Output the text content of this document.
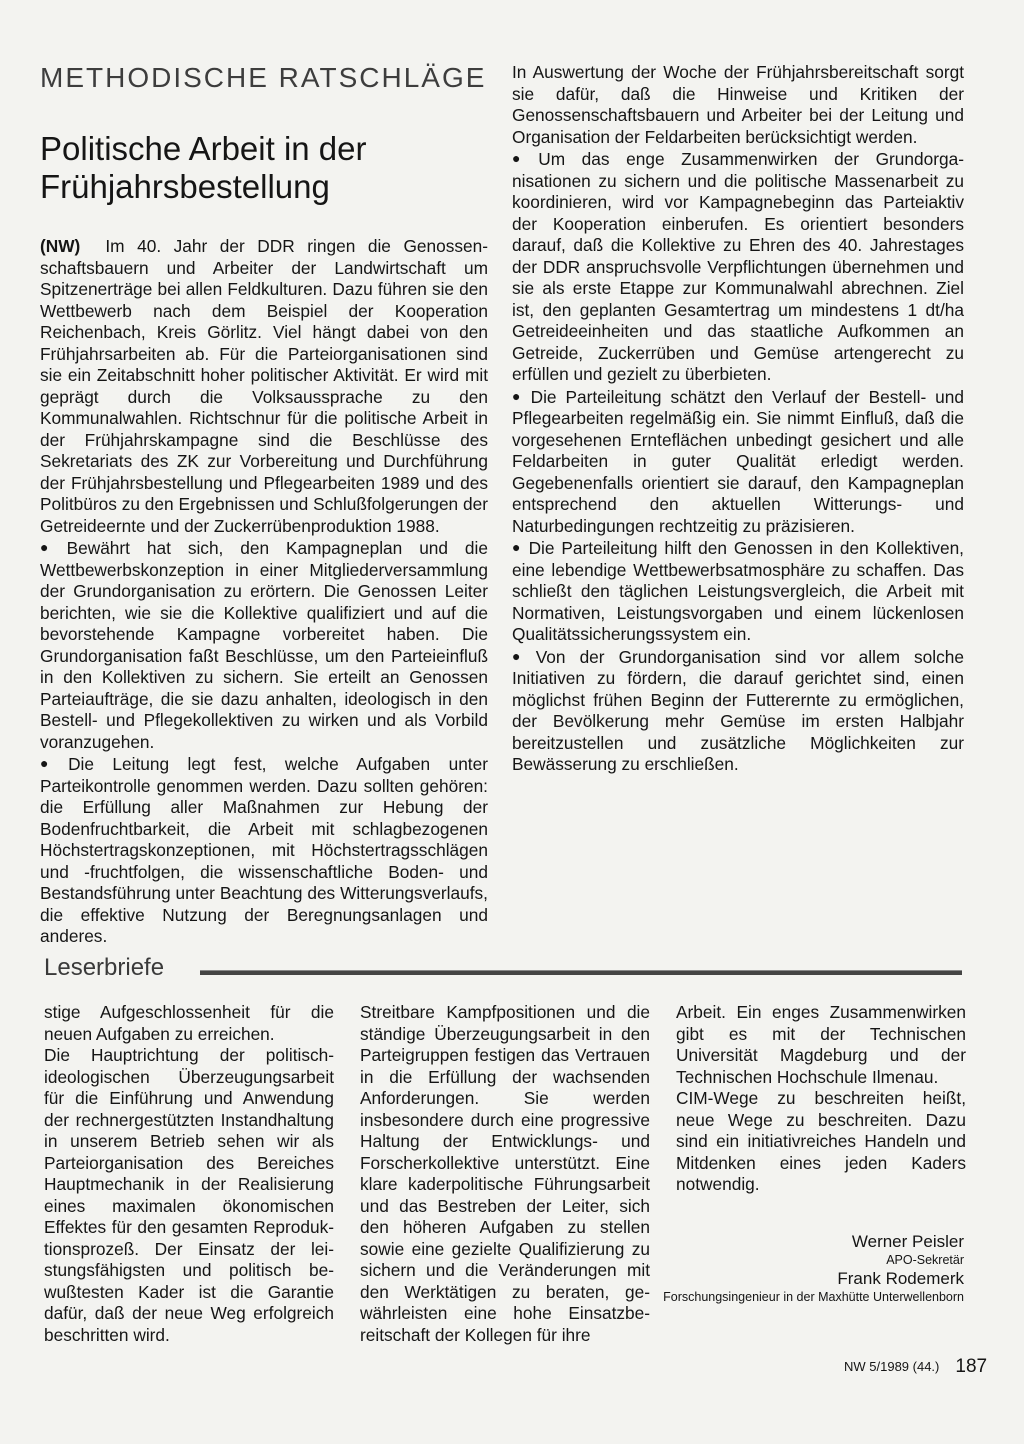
METHODISCHE RATSCHLÄGE
Politische Arbeit in der Frühjahrsbestellung

(NW) Im 40. Jahr der DDR ringen die Genossenschaftsbauern und Arbeiter der Landwirtschaft um Spitzenerträge bei allen Feldkulturen. Dazu führen sie den Wettbewerb nach dem Beispiel der Kooperation Reichenbach, Kreis Görlitz. Viel hängt dabei von den Frühjahrsarbeiten ab. Für die Parteiorganisationen sind sie ein Zeitabschnitt hoher politischer Aktivität. Er wird mit geprägt durch die Volksaussprache zu den Kommunalwahlen. Richtschnur für die politische Arbeit in der Frühjahrskampagne sind die Beschlüsse des Sekretariats des ZK zur Vorbereitung und Durchführung der Frühjahrsbestellung und Pflegearbeiten 1989 und des Politbüros zu den Ergebnissen und Schlußfolgerungen der Getreideernte und der Zuckerrübenproduktion 1988.

● Bewährt hat sich, den Kampagneplan und die Wettbewerbskonzeption in einer Mitgliederversammlung der Grundorganisation zu erörtern. Die Genossen Leiter berichten, wie sie die Kollektive qualifiziert und auf die bevorstehende Kampagne vorbereitet haben. Die Grundorganisation faßt Beschlüsse, um den Parteieinfluß in den Kollektiven zu sichern. Sie erteilt an Genossen Parteiaufträge, die sie dazu anhalten, ideologisch in den Bestell- und Pflegekollektiven zu wirken und als Vorbild voranzugehen.

● Die Leitung legt fest, welche Aufgaben unter Parteikontrolle genommen werden. Dazu sollten gehören: die Erfüllung aller Maßnahmen zur Hebung der Bodenfruchtbarkeit, die Arbeit mit schlagbezogenen Höchstertragskonzeptionen, mit Höchstertragsschlägen und -fruchtfolgen, die wissenschaftliche Boden- und Bestandsführung unter Beachtung des Witterungsverlaufs, die effektive Nutzung der Beregnungsanlagen und anderes.

In Auswertung der Woche der Frühjahrsbereitschaft sorgt sie dafür, daß die Hinweise und Kritiken der Genossenschaftsbauern und Arbeiter bei der Leitung und Organisation der Feldarbeiten berücksichtigt werden.

● Um das enge Zusammenwirken der Grundorganisationen zu sichern und die politische Massenarbeit zu koordinieren, wird vor Kampagnebeginn das Parteiaktiv der Kooperation einberufen. Es orientiert besonders darauf, daß die Kollektive zu Ehren des 40. Jahrestages der DDR anspruchsvolle Verpflichtungen übernehmen und sie als erste Etappe zur Kommunalwahl abrechnen. Ziel ist, den geplanten Gesamtertrag um mindestens 1 dt/ha Getreideeinheiten und das staatliche Aufkommen an Getreide, Zuckerrüben und Gemüse artengerecht zu erfüllen und gezielt zu überbieten.

● Die Parteileitung schätzt den Verlauf der Bestell- und Pflegearbeiten regelmäßig ein. Sie nimmt Einfluß, daß die vorgesehenen Ernteflächen unbedingt gesichert und alle Feldarbeiten in guter Qualität erledigt werden. Gegebenenfalls orientiert sie darauf, den Kampagneplan entsprechend den aktuellen Witterungs- und Naturbedingungen rechtzeitig zu präzisieren.

● Die Parteileitung hilft den Genossen in den Kollektiven, eine lebendige Wettbewerbsatmosphäre zu schaffen. Das schließt den täglichen Leistungsvergleich, die Arbeit mit Normativen, Leistungsvorgaben und einem lückenlosen Qualitätssicherungssystem ein.

● Von der Grundorganisation sind vor allem solche Initiativen zu fördern, die darauf gerichtet sind, einen möglichst frühen Beginn der Futterernte zu ermöglichen, der Bevölkerung mehr Gemüse im ersten Halbjahr bereitzustellen und zusätzliche Möglichkeiten zur Bewässerung zu erschließen.

Leserbriefe

stige Aufgeschlossenheit für die neuen Aufgaben zu erreichen.

Die Hauptrichtung der politischideologischen Überzeugungsarbeit für die Einführung und Anwendung der rechnergestützten Instandhaltung in unserem Betrieb sehen wir als Parteiorganisation des Bereiches Hauptmechanik in der Realisierung eines maximalen ökonomischen Effektes für den gesamten Reproduktionsprozeß. Der Einsatz der leistungsfähigsten und politisch bewußtesten Kader ist die Garantie dafür, daß der neue Weg erfolgreich beschritten wird.

Streitbare Kampfpositionen und die ständige Überzeugungsarbeit in den Parteigruppen festigen das Vertrauen in die Erfüllung der wachsenden Anforderungen. Sie werden insbesondere durch eine progressive Haltung der Entwicklungs- und Forscherkollektive unterstützt. Eine klare kaderpolitische Führungsarbeit und das Bestreben der Leiter, sich den höheren Aufgaben zu stellen sowie eine gezielte Qualifizierung zu sichern und die Veränderungen mit den Werktätigen zu beraten, gewährleisten eine hohe Einsatzbereitschaft der Kollegen für ihre

Arbeit. Ein enges Zusammenwirken gibt es mit der Technischen Universität Magdeburg und der Technischen Hochschule Ilmenau.

CIM-Wege zu beschreiten heißt, neue Wege zu beschreiten. Dazu sind ein initiativreiches Handeln und Mitdenken eines jeden Kaders notwendig.

Werner Peisler
APO-Sekretär
Frank Rodemerk
Forschungsingenieur in der Maxhütte Unterwellenborn
NW 5/1989 (44.) 187
